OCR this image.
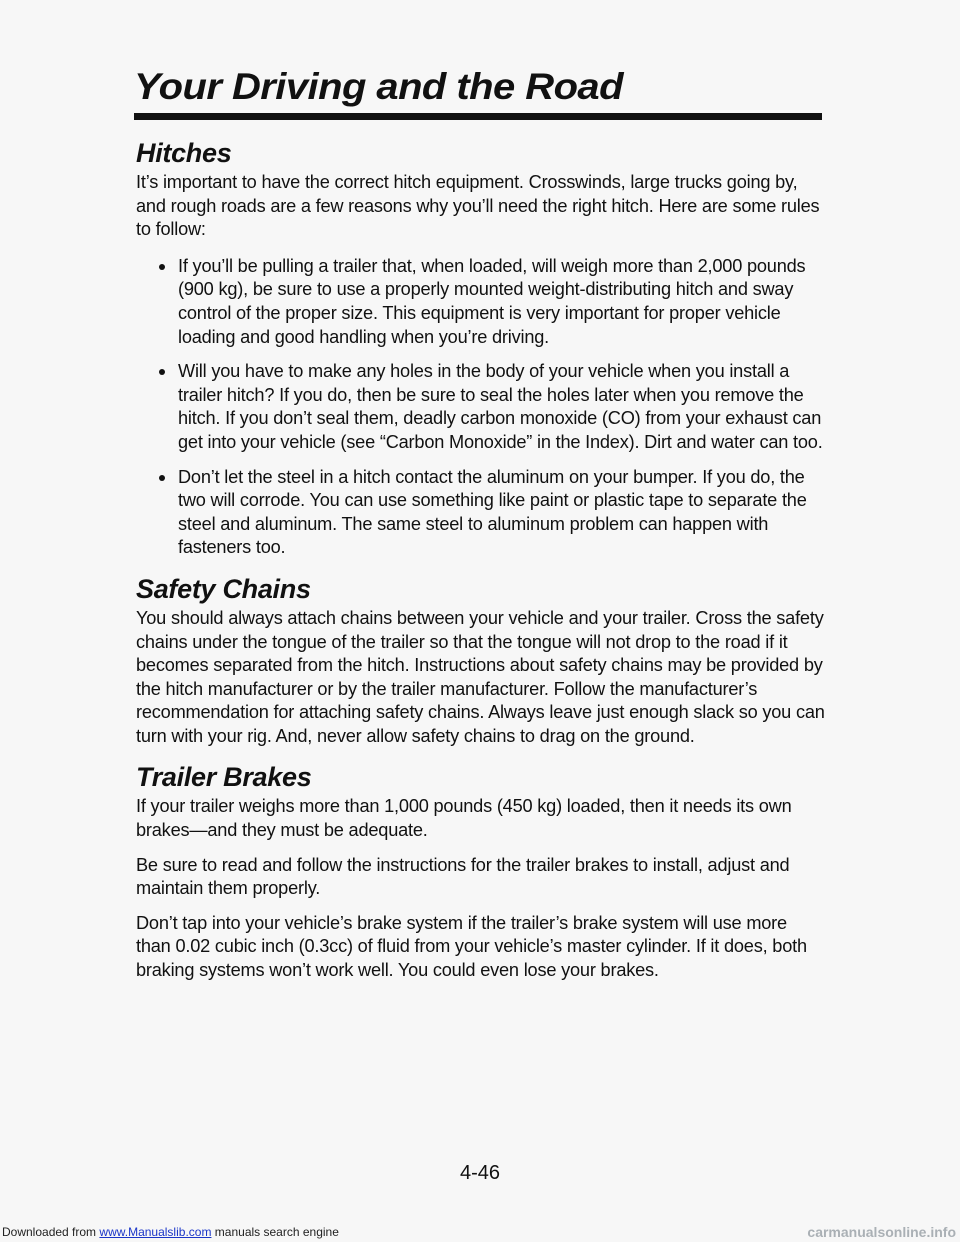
Your Driving and the Road
Hitches

It’s important to have the correct hitch equipment. Crosswinds, large trucks going by, and rough roads are a few reasons why you’ll need the right hitch. Here are some rules to follow:

If you’ll be pulling a trailer that, when loaded, will weigh more than 2,000 pounds (900 kg), be sure to use a properly mounted weight-distributing hitch and sway control of the proper size. This equipment is very important for proper vehicle loading and good handling when you’re driving.
Will you have to make any holes in the body of your vehicle when you install a trailer hitch? If you do, then be sure to seal the holes later when you remove the hitch. If you don’t seal them, deadly carbon monoxide (CO) from your exhaust can get into your vehicle (see “Carbon Monoxide” in the Index). Dirt and water can too.
Don’t let the steel in a hitch contact the aluminum on your bumper. If you do, the two will corrode. You can use something like paint or plastic tape to separate the steel and aluminum. The same steel to aluminum problem can happen with fasteners too.
Safety Chains

You should always attach chains between your vehicle and your trailer. Cross the safety chains under the tongue of the trailer so that the tongue will not drop to the road if it becomes separated from the hitch. Instructions about safety chains may be provided by the hitch manufacturer or by the trailer manufacturer. Follow the manufacturer’s recommendation for attaching safety chains. Always leave just enough slack so you can turn with your rig. And, never allow safety chains to drag on the ground.

Trailer Brakes

If your trailer weighs more than 1,000 pounds (450 kg) loaded, then it needs its own brakes—and they must be adequate.

Be sure to read and follow the instructions for the trailer brakes to install, adjust and maintain them properly.

Don’t tap into your vehicle’s brake system if the trailer’s brake system will use more than 0.02 cubic inch (0.3cc) of fluid from your vehicle’s master cylinder. If it does, both braking systems won’t work well. You could even lose your brakes.

4-46
Downloaded from www.Manualslib.com manuals search engine	carmanualsonline.info
